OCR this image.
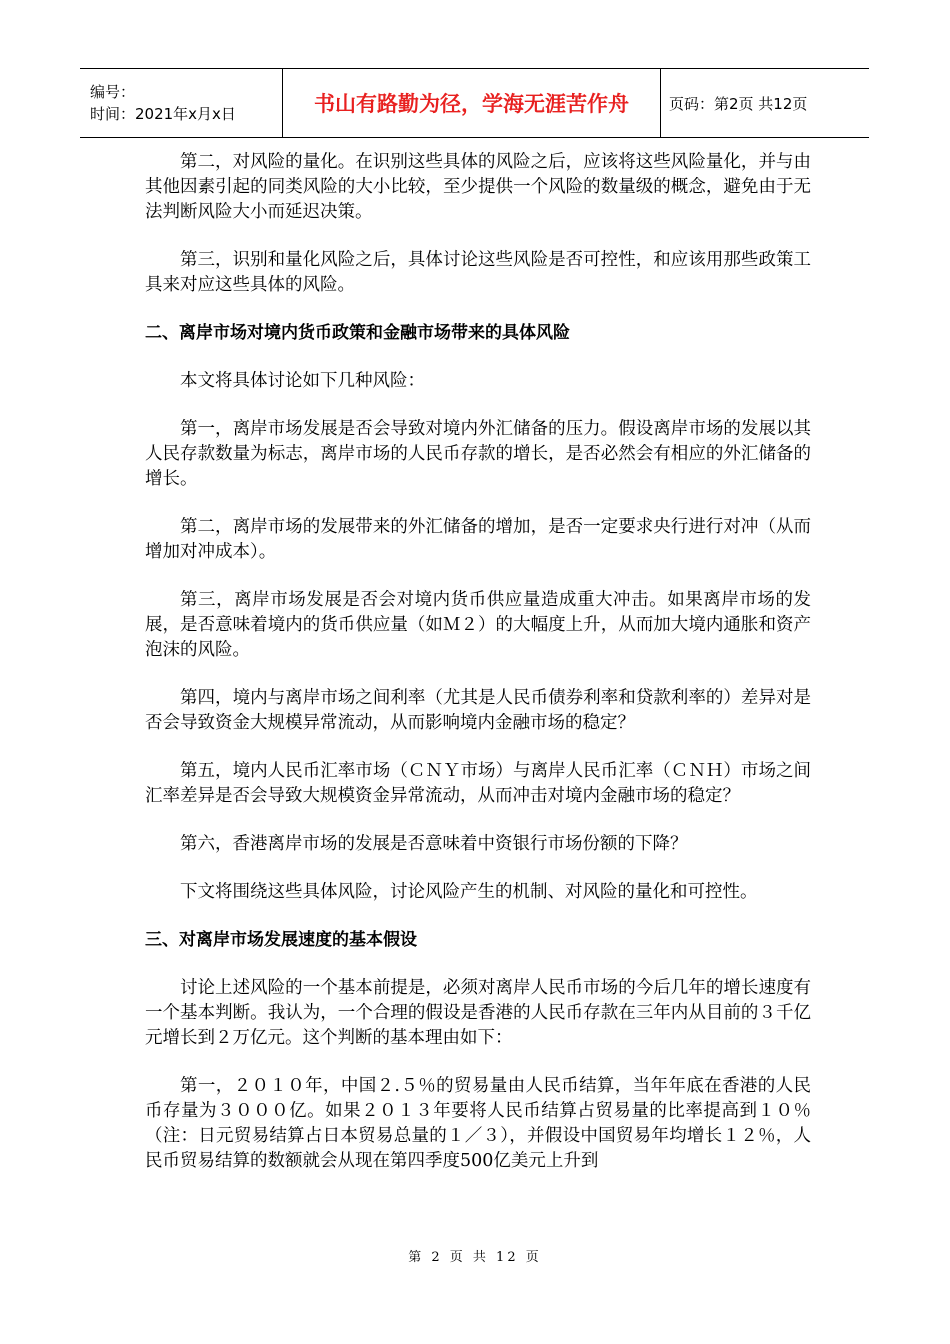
编号：
时间：2021年x月x日	书山有路勤为径，学海无涯苦作舟	页码：第2页 共12页

第二，对风险的量化。在识别这些具体的风险之后，应该将这些风险量化，并与由其他因素引起的同类风险的大小比较，至少提供一个风险的数量级的概念，避免由于无法判断风险大小而延迟决策。

第三，识别和量化风险之后，具体讨论这些风险是否可控性，和应该用那些政策工具来对应这些具体的风险。

二、离岸市场对境内货币政策和金融市场带来的具体风险

本文将具体讨论如下几种风险：

第一，离岸市场发展是否会导致对境内外汇储备的压力。假设离岸市场的发展以其人民存款数量为标志，离岸市场的人民币存款的增长，是否必然会有相应的外汇储备的增长。

第二，离岸市场的发展带来的外汇储备的增加，是否一定要求央行进行对冲（从而增加对冲成本）。

第三，离岸市场发展是否会对境内货币供应量造成重大冲击。如果离岸市场的发展，是否意味着境内的货币供应量（如Ｍ２）的大幅度上升，从而加大境内通胀和资产泡沫的风险。

第四，境内与离岸市场之间利率（尤其是人民币债券利率和贷款利率的）差异对是否会导致资金大规模异常流动，从而影响境内金融市场的稳定？

第五，境内人民币汇率市场（ＣＮＹ市场）与离岸人民币汇率（ＣＮＨ）市场之间汇率差异是否会导致大规模资金异常流动，从而冲击对境内金融市场的稳定？

第六，香港离岸市场的发展是否意味着中资银行市场份额的下降？

下文将围绕这些具体风险，讨论风险产生的机制、对风险的量化和可控性。

三、对离岸市场发展速度的基本假设

讨论上述风险的一个基本前提是，必须对离岸人民币市场的今后几年的增长速度有一个基本判断。我认为，一个合理的假设是香港的人民币存款在三年内从目前的３千亿元增长到２万亿元。这个判断的基本理由如下：

第一，２０１０年，中国２.５％的贸易量由人民币结算，当年年底在香港的人民币存量为３０００亿。如果２０１３年要将人民币结算占贸易量的比率提高到１０％（注：日元贸易结算占日本贸易总量的１／３），并假设中国贸易年均增长１２％，人民币贸易结算的数额就会从现在第四季度500亿美元上升到

第 2 页 共 12 页
